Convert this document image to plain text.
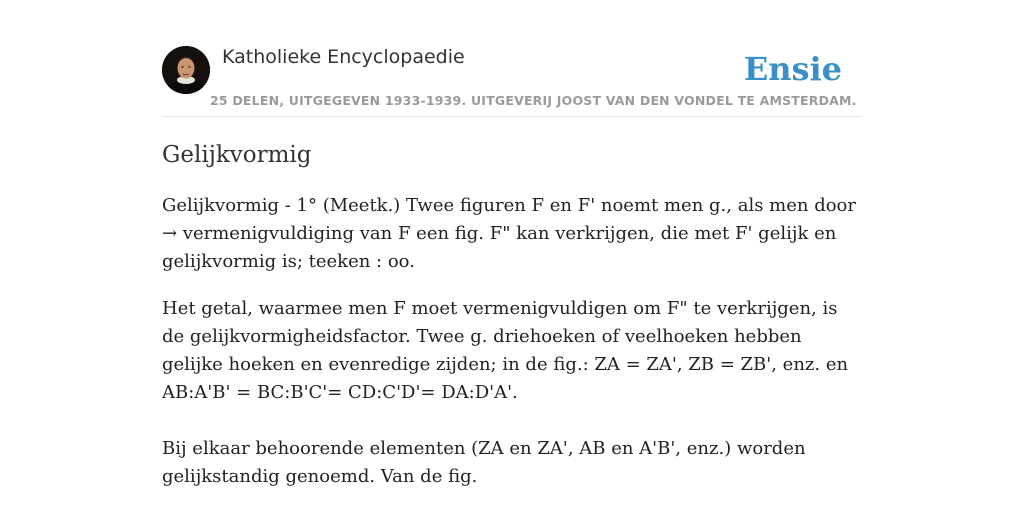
Katholieke Encyclopaedie
25 DELEN, UITGEGEVEN 1933-1939. UITGEVERIJ JOOST VAN DEN VONDEL TE AMSTERDAM.
Ensie
Gelijkvormig

Gelijkvormig - 1° (Meetk.) Twee figuren F en F' noemt men g., als men door → vermenigvuldiging van F een fig. F" kan verkrijgen, die met F' gelijk en gelijkvormig is; teeken : oo.

Het getal, waarmee men F moet vermenigvuldigen om F" te verkrijgen, is de gelijkvormigheidsfactor. Twee g. driehoeken of veelhoeken hebben gelijke hoeken en evenredige zijden; in de fig.: ZA = ZA', ZB = ZB', enz. en AB:A'B' = BC:B'C'= CD:C'D'= DA:D'A'.

Bij elkaar behoorende elementen (ZA en ZA', AB en A'B', enz.) worden gelijkstandig genoemd. Van de fig.
